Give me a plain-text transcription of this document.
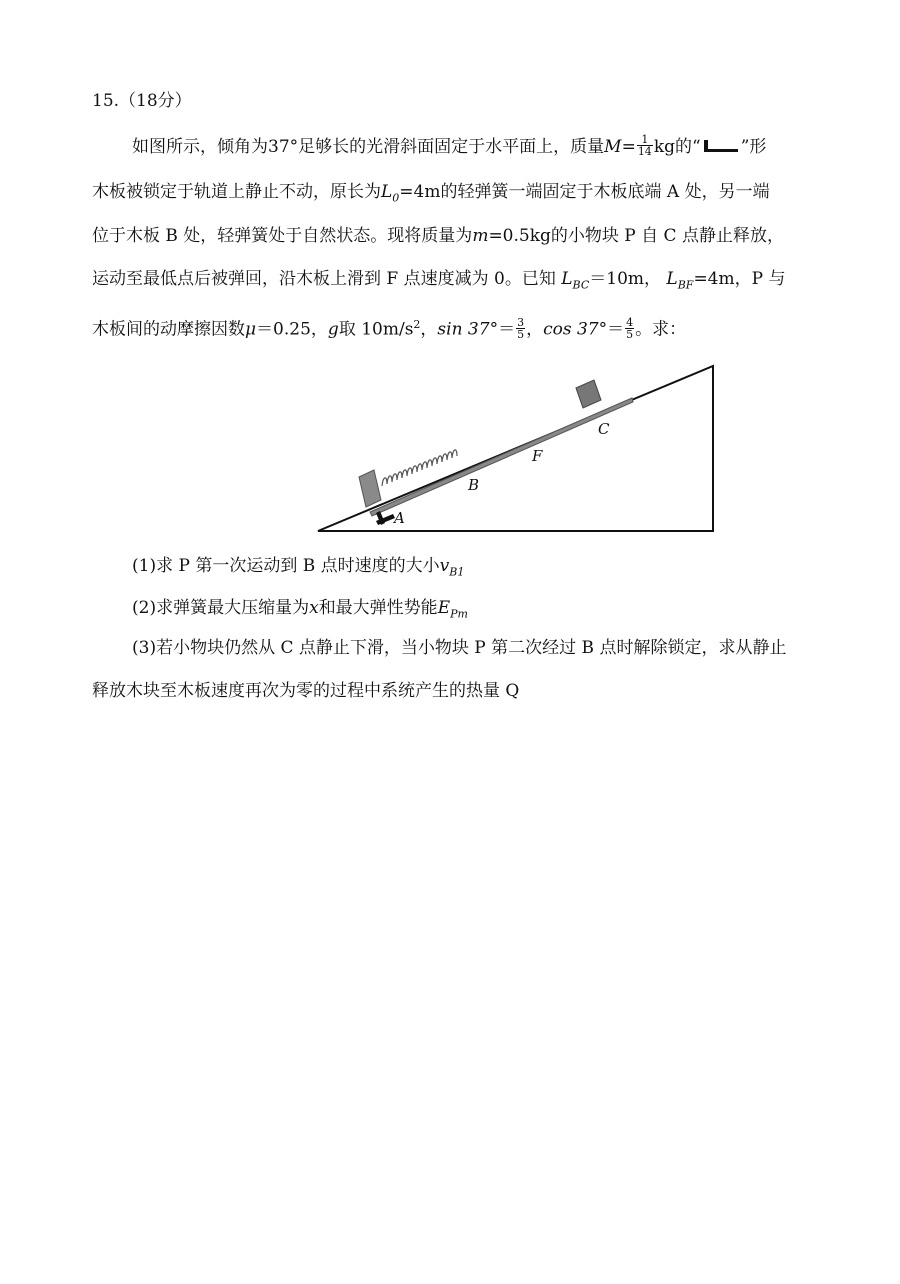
15.（18分）
如图所示，倾角为37°足够长的光滑斜面固定于水平面上，质量$M= \frac{1}{14}$ kg的“ ”形
木板被锁定于轨道上静止不动，原长为$L_0=4m$的轻弹簧一端固定于木板底端 A 处，另一端
位于木板 B 处，轻弹簧处于自然状态。现将质量为m=0.5kg的小物块 P 自 C 点静止释放，
运动至最低点后被弹回，沿木板上滑到 F 点速度减为 0。已知 $L_{BC}=10m$， $L_{BF}=4m$，P 与
木板间的动摩擦因数μ＝0.25，g取 $10m/s^2$，$\sin 37^\circ= \frac{3}{5}$ ，$\cos 37^\circ= \frac{4}{5}$ 。求：
A
B
F
C
(1)求 P 第一次运动到 B 点时速度的大小$v_{B1}$
(2)求弹簧最大压缩量为x和最大弹性势能$E_{Pm}$
(3)若小物块仍然从 C 点静止下滑，当小物块 P 第二次经过 B 点时解除锁定，求从静止
释放木块至木板速度再次为零的过程中系统产生的热量 Q
